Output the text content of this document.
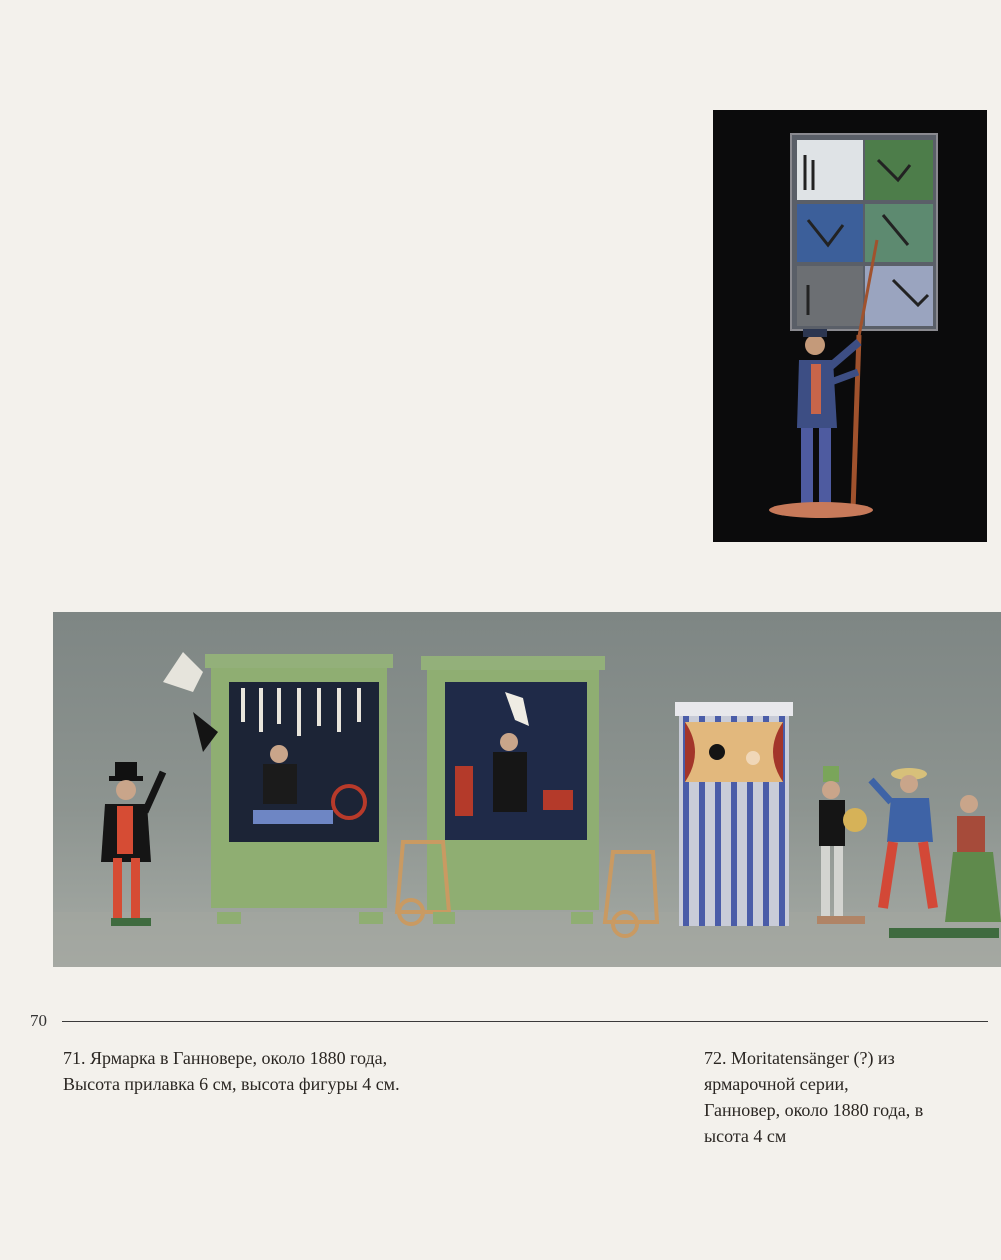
70
71. Ярмарка в Ганновере, около 1880 года,
Высота прилавка 6 см, высота фигуры 4 см.
72. Moritatensänger (?) из
ярмарочной серии,
Ганновер, около 1880 года, в
ысота 4 см
